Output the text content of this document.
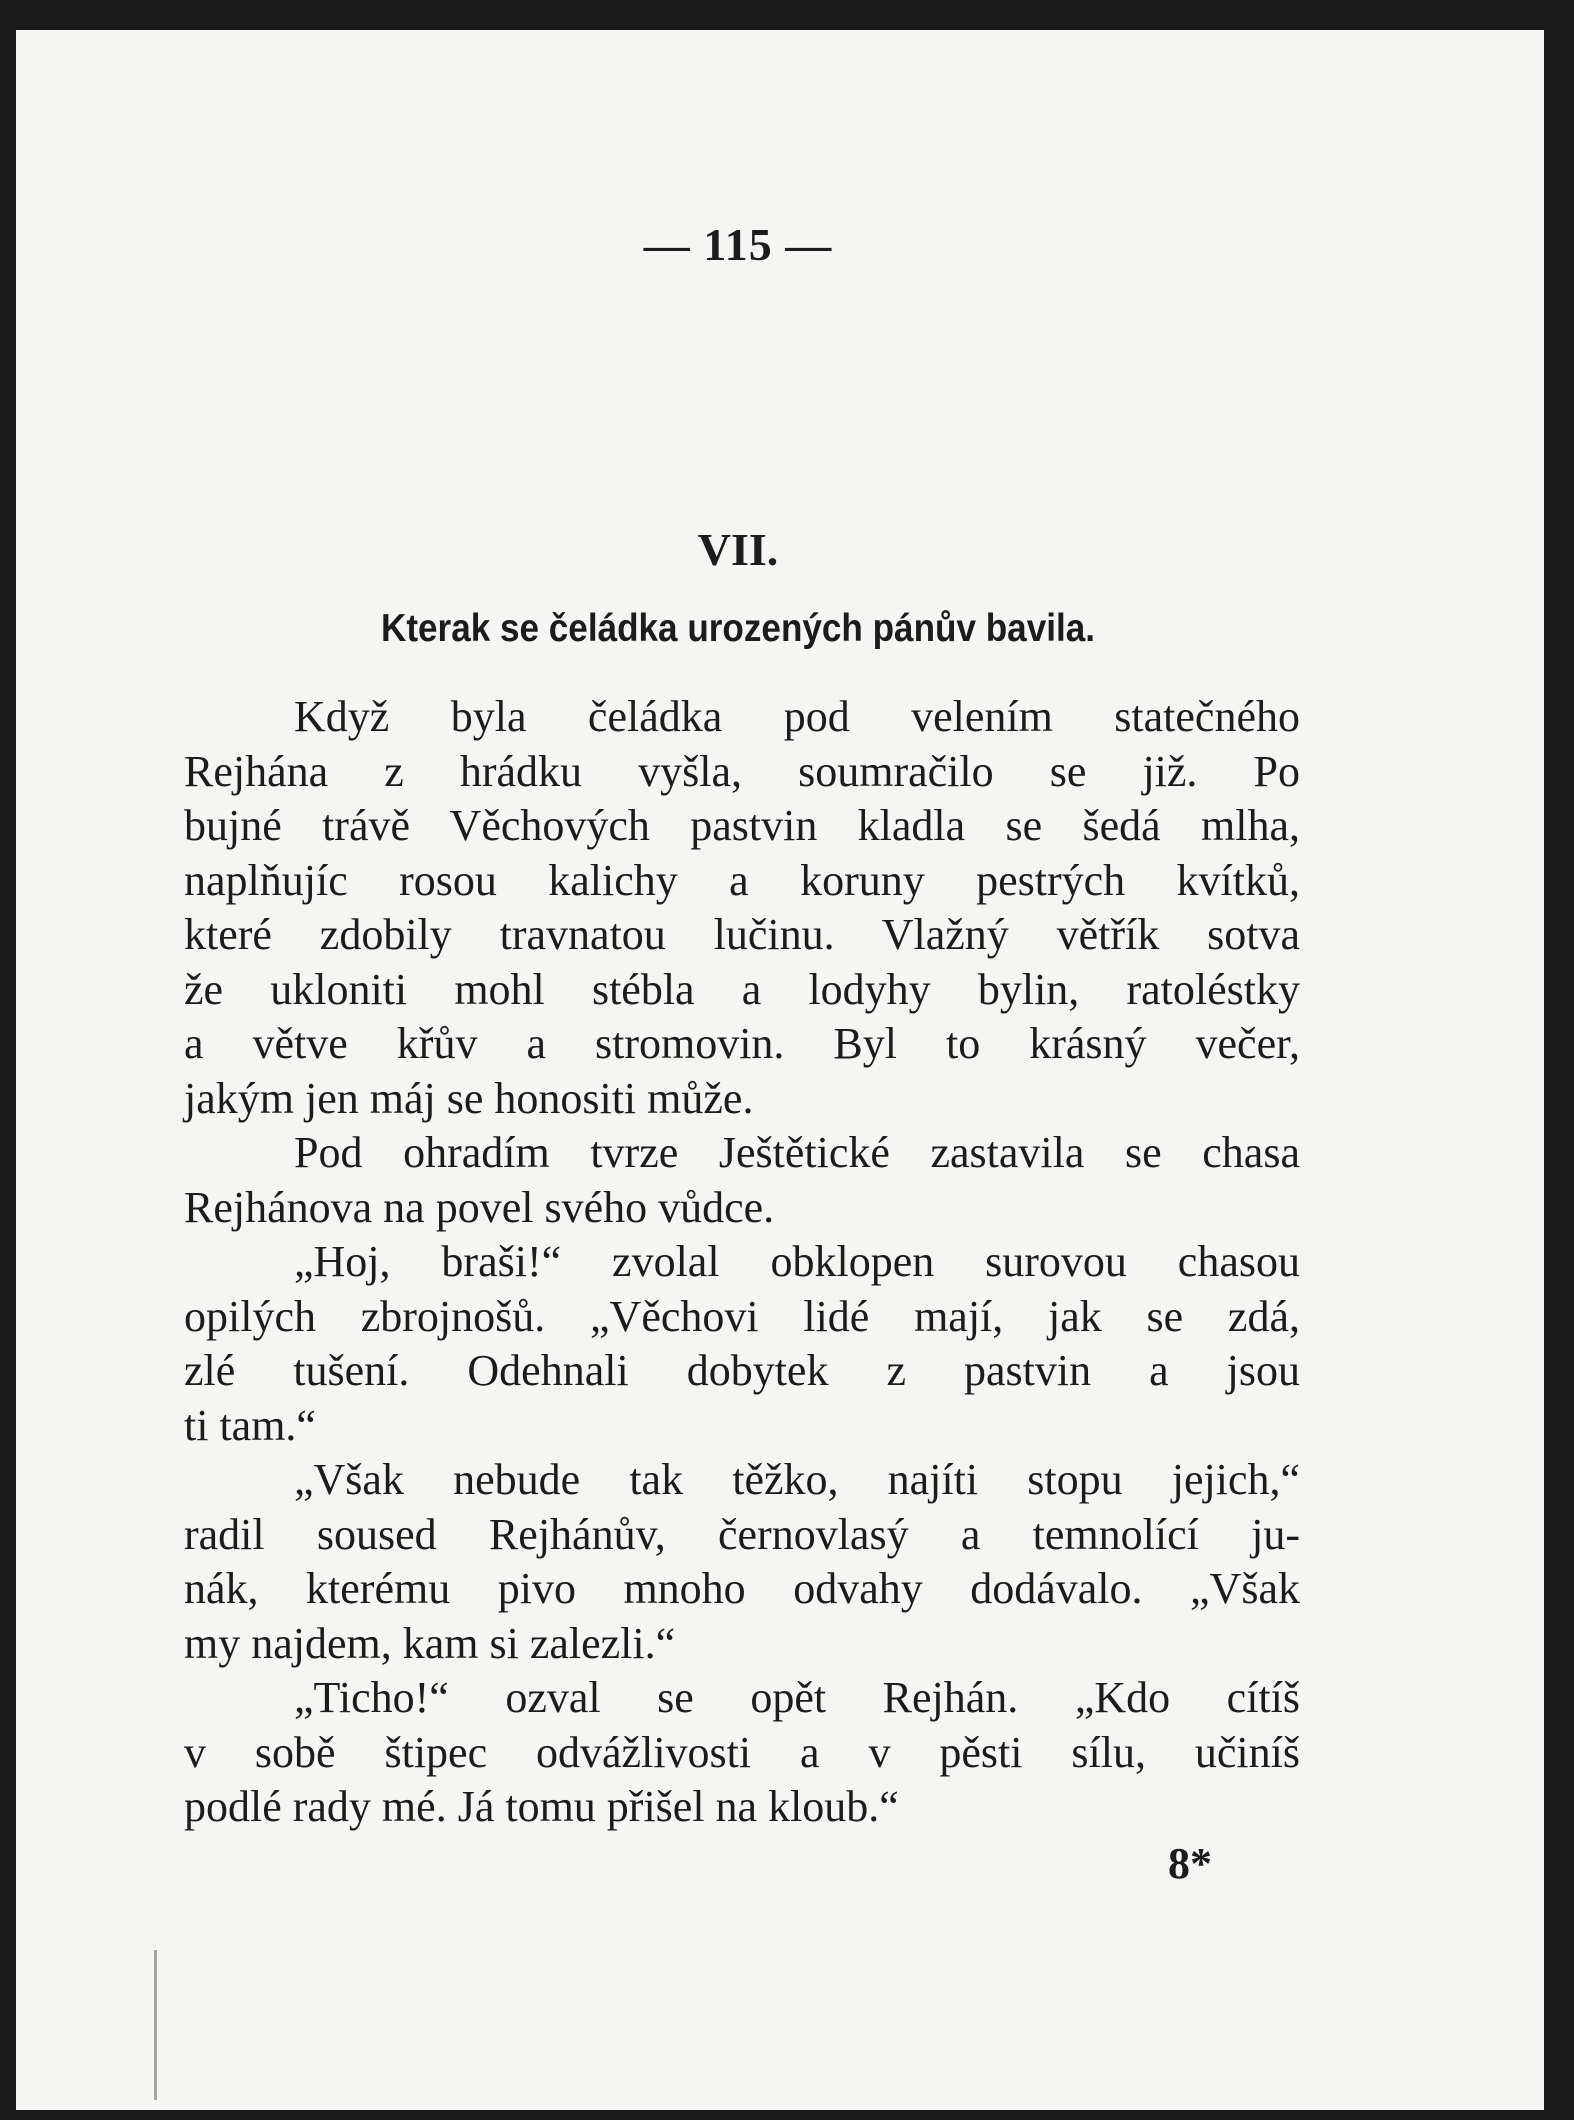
— 115 —
VII.
Kterak se čeládka urozených pánův bavila.
Když byla čeládka pod velením statečného
Rejhána z hrádku vyšla, soumračilo se již. Po
bujné trávě Věchových pastvin kladla se šedá mlha,
naplňujíc rosou kalichy a koruny pestrých kvítků,
které zdobily travnatou lučinu. Vlažný větřík sotva
že ukloniti mohl stébla a lodyhy bylin, ratoléstky
a větve křův a stromovin. Byl to krásný večer,
jakým jen máj se honositi může.
Pod ohradím tvrze Ještětické zastavila se chasa
Rejhánova na povel svého vůdce.
„Hoj, braši!“ zvolal obklopen surovou chasou
opilých zbrojnošů. „Věchovi lidé mají, jak se zdá,
zlé tušení. Odehnali dobytek z pastvin a jsou
ti tam.“
„Však nebude tak těžko, najíti stopu jejich,“
radil soused Rejhánův, černovlasý a temnolící ju-
nák, kterému pivo mnoho odvahy dodávalo. „Však
my najdem, kam si zalezli.“
„Ticho!“ ozval se opět Rejhán. „Kdo cítíš
v sobě štipec odvážlivosti a v pěsti sílu, učiníš
podlé rady mé. Já tomu přišel na kloub.“
8*
